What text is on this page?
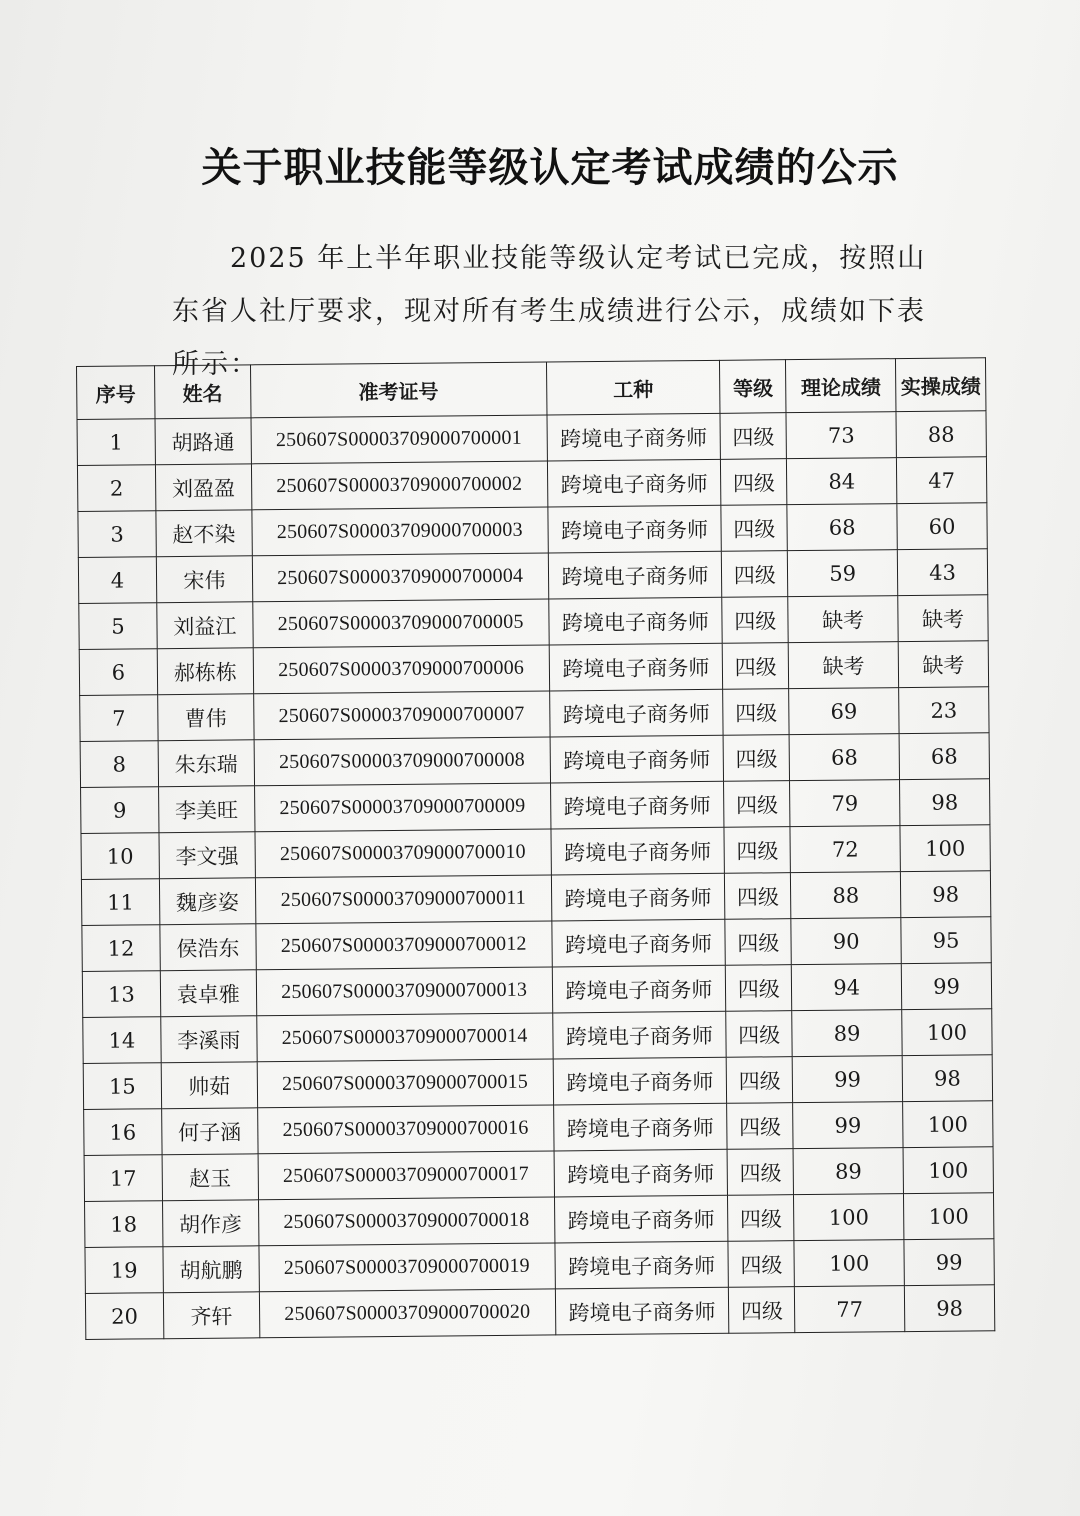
关于职业技能等级认定考试成绩的公示

2025 年上半年职业技能等级认定考试已完成，按照山东省人社厅要求，现对所有考生成绩进行公示，成绩如下表所示：

序号	姓名	准考证号	工种	等级	理论成绩	实操成绩
1	胡路通	250607S00003709000700001	跨境电子商务师	四级	73	88
2	刘盈盈	250607S00003709000700002	跨境电子商务师	四级	84	47
3	赵不染	250607S00003709000700003	跨境电子商务师	四级	68	60
4	宋伟	250607S00003709000700004	跨境电子商务师	四级	59	43
5	刘益江	250607S00003709000700005	跨境电子商务师	四级	缺考	缺考
6	郝栋栋	250607S00003709000700006	跨境电子商务师	四级	缺考	缺考
7	曹伟	250607S00003709000700007	跨境电子商务师	四级	69	23
8	朱东瑞	250607S00003709000700008	跨境电子商务师	四级	68	68
9	李美旺	250607S00003709000700009	跨境电子商务师	四级	79	98
10	李文强	250607S00003709000700010	跨境电子商务师	四级	72	100
11	魏彦姿	250607S00003709000700011	跨境电子商务师	四级	88	98
12	侯浩东	250607S00003709000700012	跨境电子商务师	四级	90	95
13	袁卓雅	250607S00003709000700013	跨境电子商务师	四级	94	99
14	李溪雨	250607S00003709000700014	跨境电子商务师	四级	89	100
15	帅茹	250607S00003709000700015	跨境电子商务师	四级	99	98
16	何子涵	250607S00003709000700016	跨境电子商务师	四级	99	100
17	赵玉	250607S00003709000700017	跨境电子商务师	四级	89	100
18	胡作彦	250607S00003709000700018	跨境电子商务师	四级	100	100
19	胡航鹏	250607S00003709000700019	跨境电子商务师	四级	100	99
20	齐轩	250607S00003709000700020	跨境电子商务师	四级	77	98
